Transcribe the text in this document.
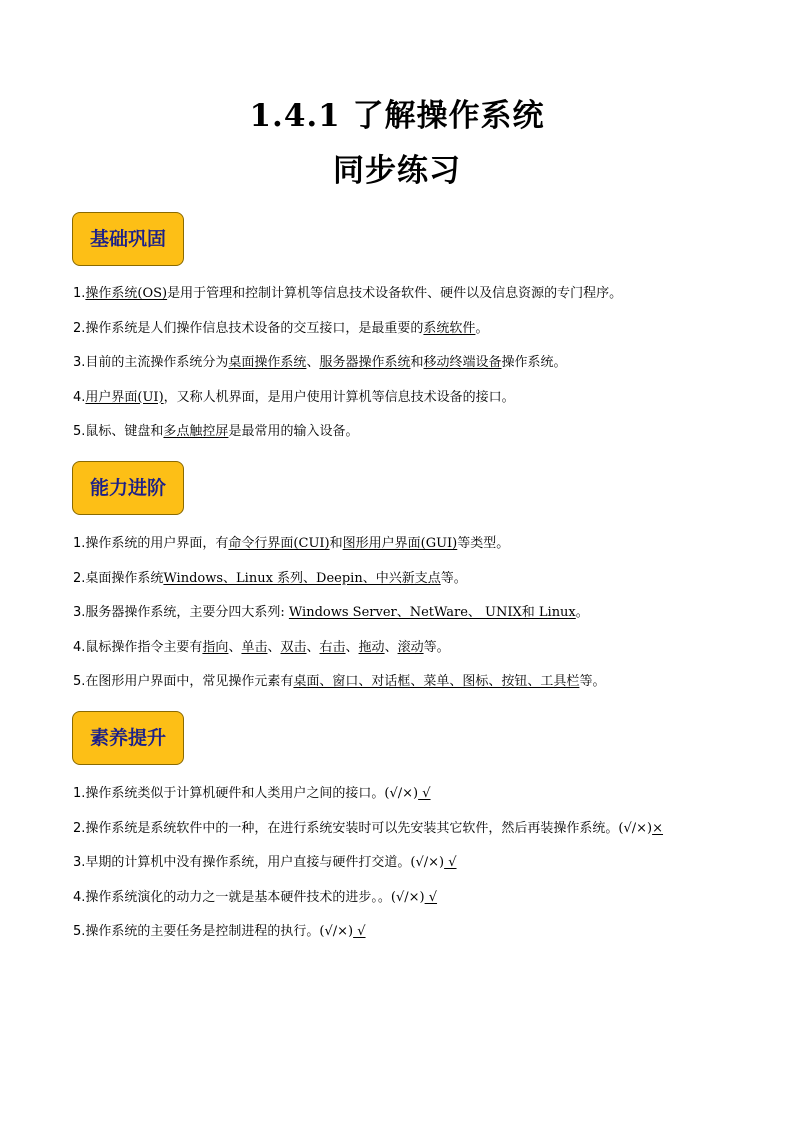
1.4.1 了解操作系统
同步练习
基础巩固
能力进阶
素养提升
1.操作系统(OS)是用于管理和控制计算机等信息技术设备软件、硬件以及信息资源的专门程序。
2.操作系统是人们操作信息技术设备的交互接口，是最重要的系统软件。
3.目前的主流操作系统分为桌面操作系统、服务器操作系统和移动终端设备操作系统。
4.用户界面(UI)，又称人机界面，是用户使用计算机等信息技术设备的接口。
5.鼠标、键盘和多点触控屏是最常用的输入设备。
1.操作系统的用户界面，有命令行界面(CUI)和图形用户界面(GUI)等类型。
2.桌面操作系统Windows、Linux 系列、Deepin、中兴新支点等。
3.服务器操作系统，主要分四大系列: Windows Server、NetWare、 UNIX和 Linux。
4.鼠标操作指令主要有指向、单击、双击、右击、拖动、滚动等。
5.在图形用户界面中，常见操作元素有桌面、窗口、对话框、菜单、图标、按钮、工具栏等。
1.操作系统类似于计算机硬件和人类用户之间的接口。(√/×) √
2.操作系统是系统软件中的一种，在进行系统安装时可以先安装其它软件，然后再装操作系统。(√/×)×
3.早期的计算机中没有操作系统，用户直接与硬件打交道。(√/×) √
4.操作系统演化的动力之一就是基本硬件技术的进步。。(√/×) √
5.操作系统的主要任务是控制进程的执行。(√/×) √
